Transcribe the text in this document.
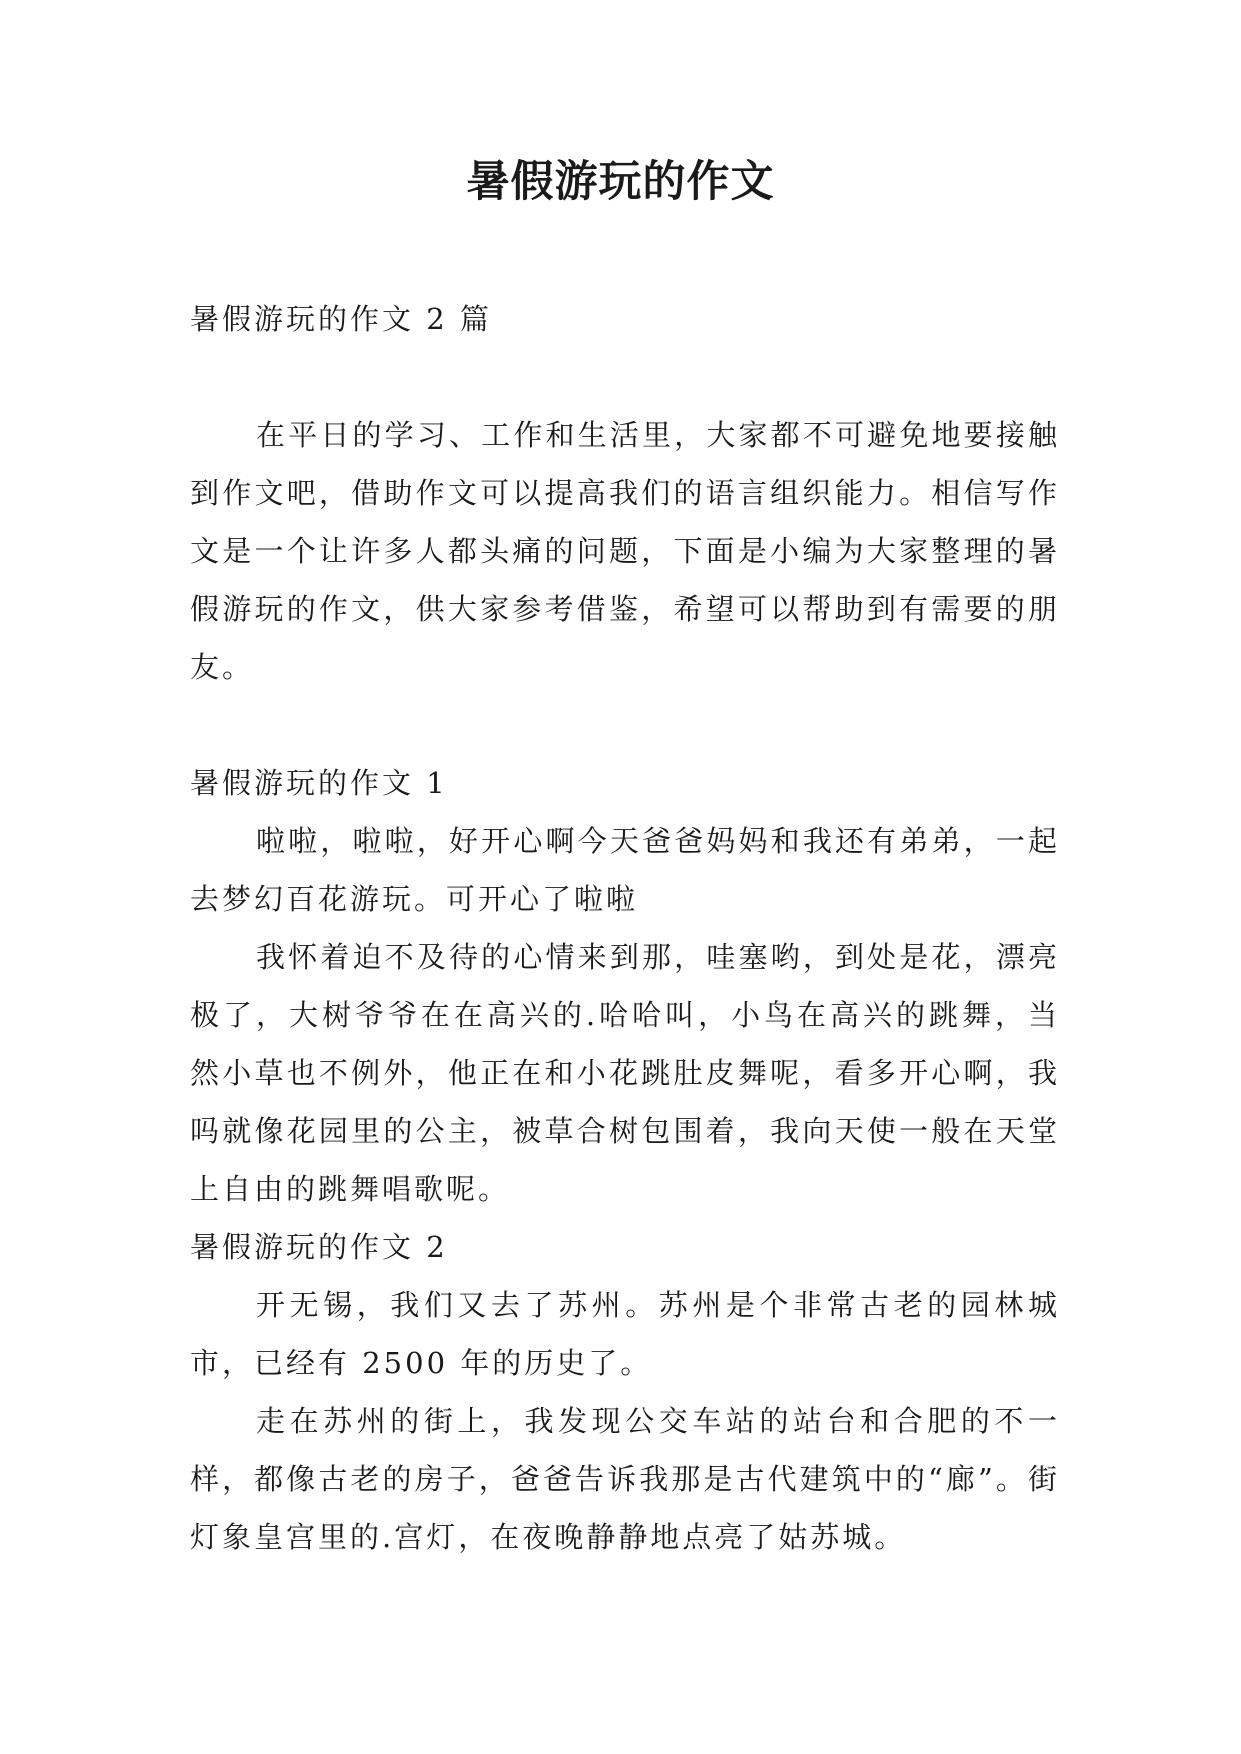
暑假游玩的作文

暑假游玩的作文 2 篇

在平日的学习、工作和生活里，大家都不可避免地要接触到作文吧，借助作文可以提高我们的语言组织能力。相信写作文是一个让许多人都头痛的问题，下面是小编为大家整理的暑假游玩的作文，供大家参考借鉴，希望可以帮助到有需要的朋友。

暑假游玩的作文 1

啦啦，啦啦，好开心啊今天爸爸妈妈和我还有弟弟，一起去梦幻百花游玩。可开心了啦啦

我怀着迫不及待的心情来到那，哇塞哟，到处是花，漂亮极了，大树爷爷在在高兴的.哈哈叫，小鸟在高兴的跳舞，当然小草也不例外，他正在和小花跳肚皮舞呢，看多开心啊，我吗就像花园里的公主，被草合树包围着，我向天使一般在天堂上自由的跳舞唱歌呢。

暑假游玩的作文 2

开无锡，我们又去了苏州。苏州是个非常古老的园林城市，已经有 2500 年的历史了。

走在苏州的街上，我发现公交车站的站台和合肥的不一样，都像古老的房子，爸爸告诉我那是古代建筑中的“廊”。街灯象皇宫里的.宫灯，在夜晚静静地点亮了姑苏城。
